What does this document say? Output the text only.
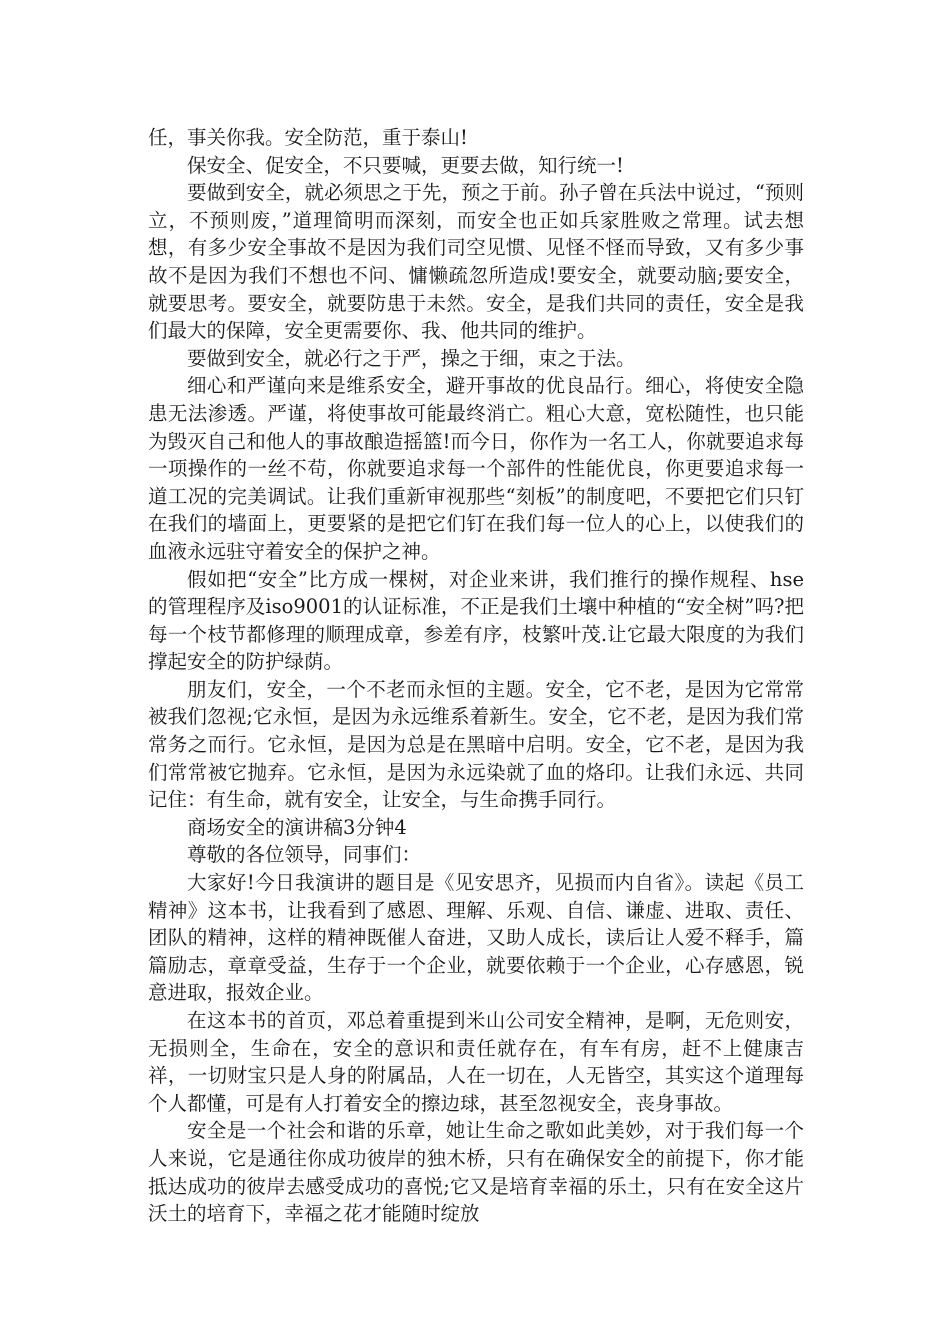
任，事关你我。安全防范，重于泰山!

保安全、促安全，不只要喊，更要去做，知行统一!

要做到安全，就必须思之于先，预之于前。孙子曾在兵法中说过，“预则立，不预则废，”道理简明而深刻，而安全也正如兵家胜败之常理。试去想想，有多少安全事故不是因为我们司空见惯、见怪不怪而导致，又有多少事故不是因为我们不想也不问、慵懒疏忽所造成!要安全，就要动脑;要安全，就要思考。要安全，就要防患于未然。安全，是我们共同的责任，安全是我们最大的保障，安全更需要你、我、他共同的维护。

要做到安全，就必行之于严，操之于细，束之于法。

细心和严谨向来是维系安全，避开事故的优良品行。细心，将使安全隐患无法渗透。严谨，将使事故可能最终消亡。粗心大意，宽松随性，也只能为毁灭自己和他人的事故酿造摇篮!而今日，你作为一名工人，你就要追求每一项操作的一丝不苟，你就要追求每一个部件的性能优良，你更要追求每一道工况的完美调试。让我们重新审视那些“刻板”的制度吧，不要把它们只钉在我们的墙面上，更要紧的是把它们钉在我们每一位人的心上，以使我们的血液永远驻守着安全的保护之神。

假如把“安全”比方成一棵树，对企业来讲，我们推行的操作规程、hse的管理程序及iso9001的认证标准，不正是我们土壤中种植的“安全树”吗?把每一个枝节都修理的顺理成章，参差有序，枝繁叶茂.让它最大限度的为我们撑起安全的防护绿荫。

朋友们，安全，一个不老而永恒的主题。安全，它不老，是因为它常常被我们忽视;它永恒，是因为永远维系着新生。安全，它不老，是因为我们常常务之而行。它永恒，是因为总是在黑暗中启明。安全，它不老，是因为我们常常被它抛弃。它永恒，是因为永远染就了血的烙印。让我们永远、共同记住：有生命，就有安全，让安全，与生命携手同行。

商场安全的演讲稿3分钟4

尊敬的各位领导，同事们：

大家好!今日我演讲的题目是《见安思齐，见损而内自省》。读起《员工精神》这本书，让我看到了感恩、理解、乐观、自信、谦虚、进取、责任、团队的精神，这样的精神既催人奋进，又助人成长，读后让人爱不释手，篇篇励志，章章受益，生存于一个企业，就要依赖于一个企业，心存感恩，锐意进取，报效企业。

在这本书的首页，邓总着重提到米山公司安全精神，是啊，无危则安，无损则全，生命在，安全的意识和责任就存在，有车有房，赶不上健康吉祥，一切财宝只是人身的附属品，人在一切在，人无皆空，其实这个道理每个人都懂，可是有人打着安全的擦边球，甚至忽视安全，丧身事故。

安全是一个社会和谐的乐章，她让生命之歌如此美妙，对于我们每一个人来说，它是通往你成功彼岸的独木桥，只有在确保安全的前提下，你才能抵达成功的彼岸去感受成功的喜悦;它又是培育幸福的乐土，只有在安全这片沃土的培育下，幸福之花才能随时绽放
